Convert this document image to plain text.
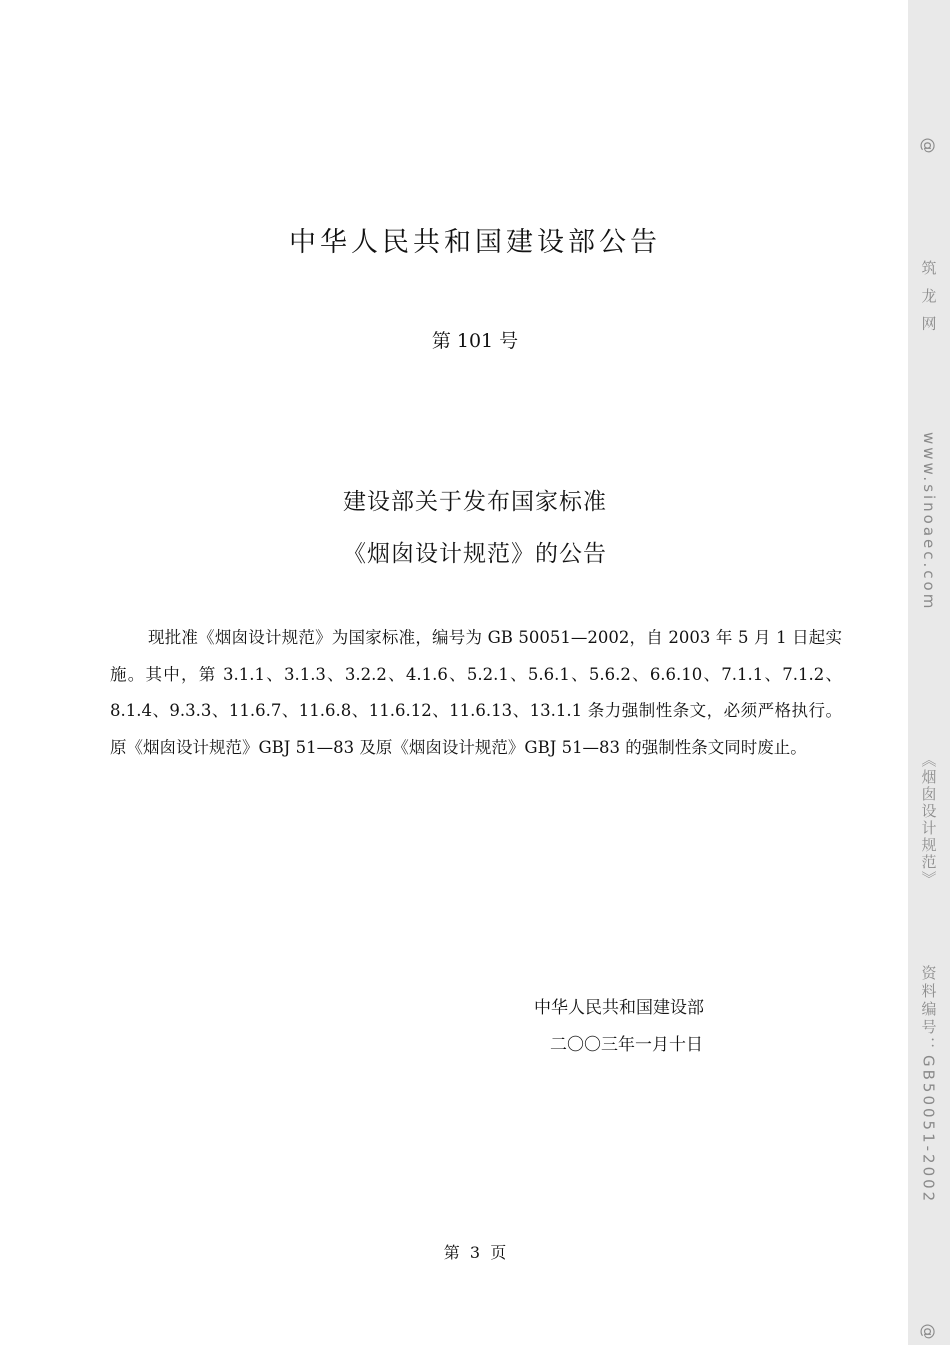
中华人民共和国建设部公告
第 101 号
建设部关于发布国家标准
《烟囱设计规范》的公告

现批准《烟囱设计规范》为国家标准，编号为 GB 50051—2002，自 2003 年 5 月 1 日起实施。其中，第 3.1.1、3.1.3、3.2.2、4.1.6、5.2.1、5.6.1、5.6.2、6.6.10、7.1.1、7.1.2、8.1.4、9.3.3、11.6.7、11.6.8、11.6.12、11.6.13、13.1.1 条力强制性条文，必须严格执行。原《烟囱设计规范》GBJ 51—83 及原《烟囱设计规范》GBJ 51—83 的强制性条文同时废止。

中华人民共和国建设部
二〇〇三年一月十日
第  3  页
@
筑 龙 网
www.sinoaec.com
《烟囱设计规范》
资料编号：GB50051-2002
@
